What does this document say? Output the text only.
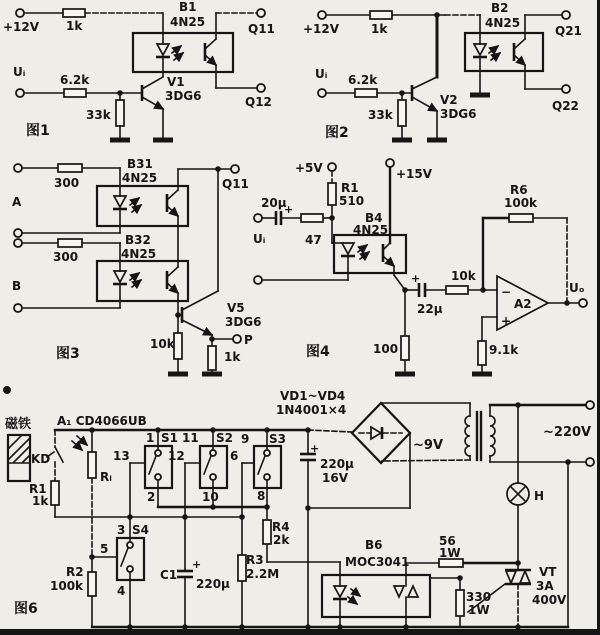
+12V 1k
B1
4N25	Q11
Q12
Uᵢ
6.2k
33k
V1
3DG6
图1
+12V	1k
B2
4N25
Q21
Q22
Uᵢ 6.2k
33k
V2
3DG6
图2
A
B
300
300
B31
4N25
B32
4N25
Q11
V5
3DG6
10k
1k
P
图3
+5V
R1
510
+15V
20μ
+
Uᵢ	47
B4
4N25
+
22μ
10k
R6
100k
−
+
A2
Uₒ
9.1k
100
图4
磁铁
KD
A₁ CD4066UB
Rₗ
R1
1k
1 S1
13
2
11 S2
12
10
9 S3
6
8
3 S4
5
4
R2
100k
C1
+
220μ
R3
2.2M
R4
2k
+
220μ
16V
VD1~VD4
1N4001×4
~9V
~220V
H
56
1W
B6
MOC3041
330
1W
VT
3A
400V
图6
